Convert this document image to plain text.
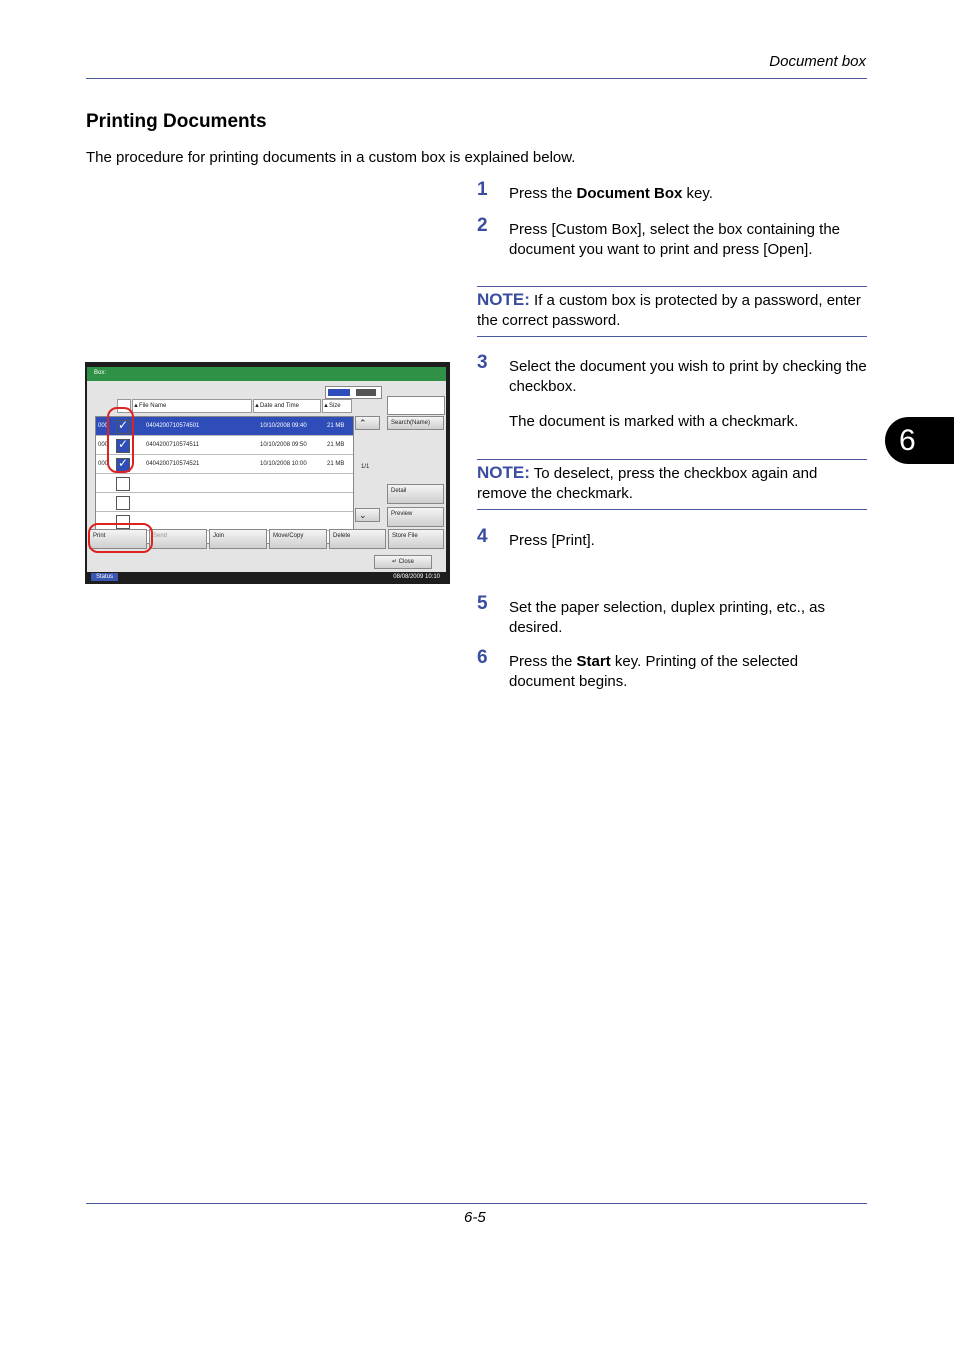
Document box
Printing Documents
The procedure for printing documents in a custom box is explained below.
1 Press the Document Box key.
2 Press [Custom Box], select the box containing the document you want to print and press [Open].
NOTE: If a custom box is protected by a password, enter the correct password.
3 Select the document you wish to print by checking the checkbox.
The document is marked with a checkmark.
NOTE: To deselect, press the checkbox again and remove the checkmark.
4 Press [Print].
5 Set the paper selection, duplex printing, etc., as desired.
6 Press the Start key. Printing of the selected document begins.
6
Box:
▲File Name	▲Date and Time	▲Size
000 ✓	0404200710574501	10/10/2008 09:40	21 MB
000 ✓	0404200710574511	10/10/2008 09:50	21 MB
000 ✓	0404200710574521	10/10/2008 10:00	21 MB
⌃
1/1
⌄
Search(Name)
Detail
Preview
Print	Send	Join	Move/Copy	Delete	Store File
↵ Close
Status	08/08/2009 10:10
6-5
